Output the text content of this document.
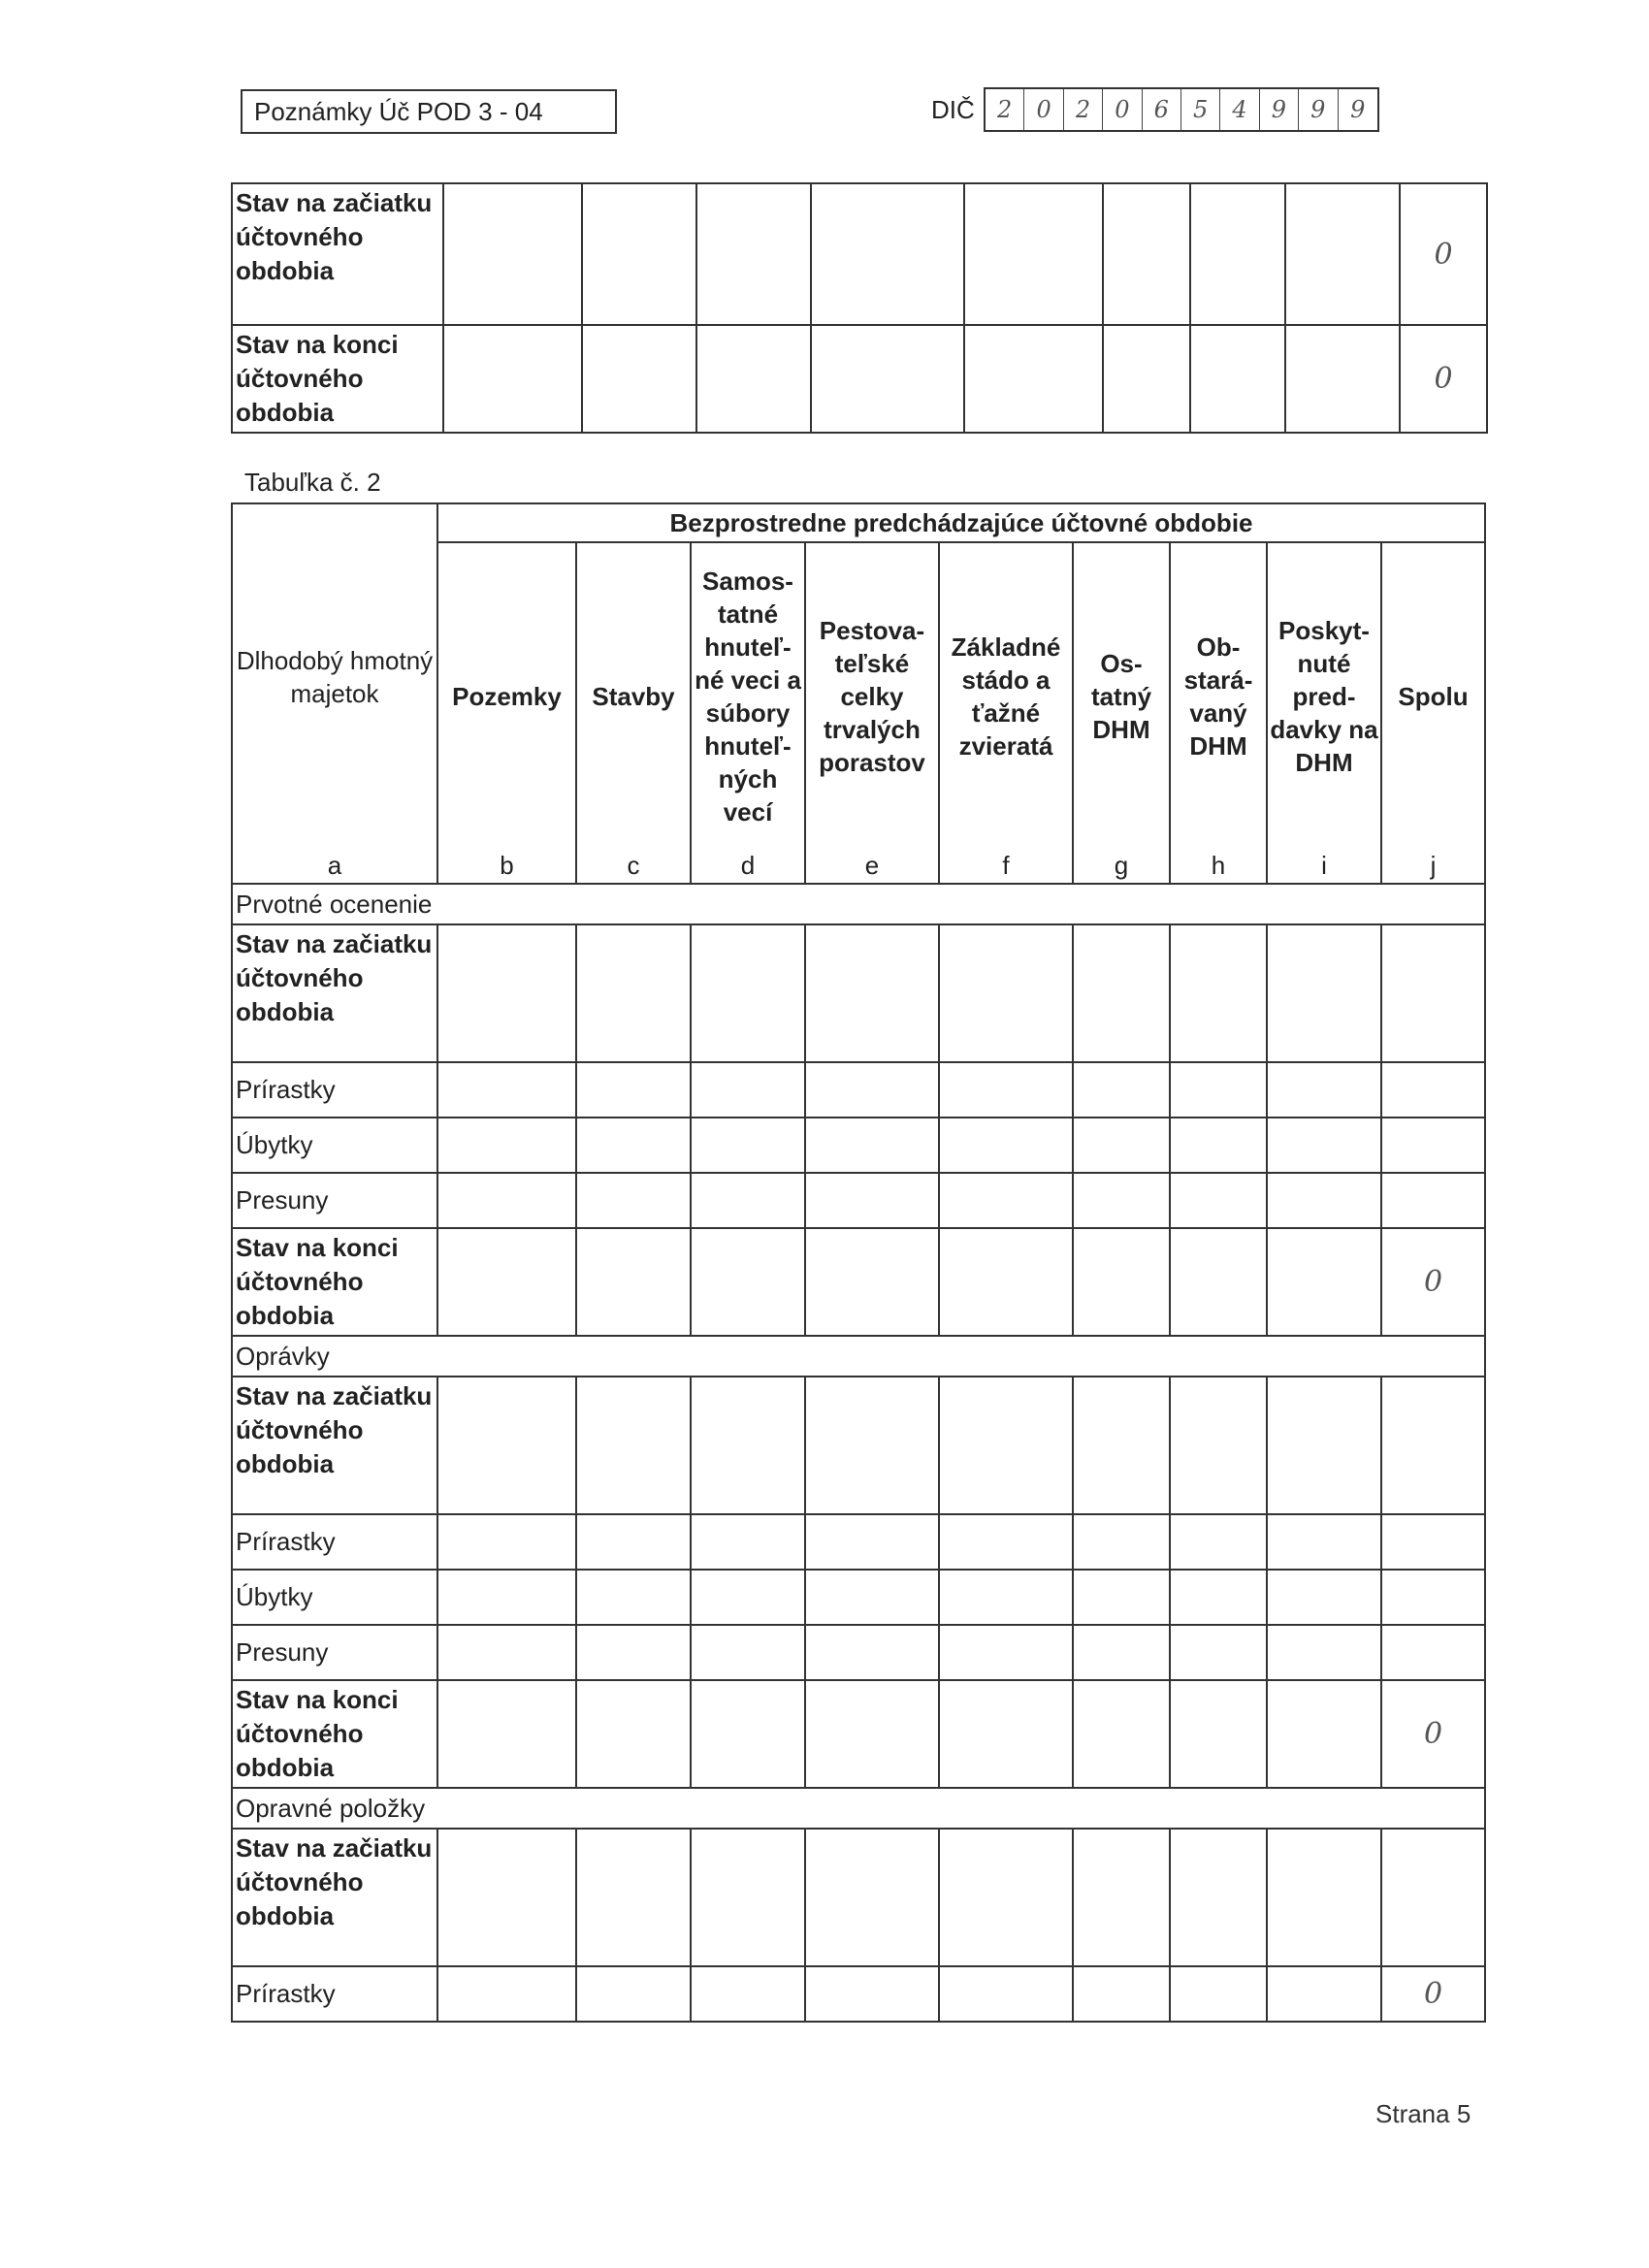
Poznámky Úč POD 3 - 04	DIČ 2	0	2	0	6	5	4	9	9	9
Stav na začiatku účtovného obdobia									0
Stav na konci účtovného obdobia									0
Tabuľka č. 2
Dlhodobý hmotný majetok	Bezprostredne predchádzajúce účtovné obdobie								
	Pozemky	Stavby	Samos-tatné hnuteľ-né veci a súbory hnuteľ-ných vecí	Pestova-teľské celky trvalých porastov	Základné stádo a ťažné zvieratá	Os-tatný DHM	Ob-stará-vaný DHM	Poskyt-nuté pred-davky na DHM	Spolu
a	b	c	d	e	f	g	h	i	j
Prvotné ocenenie									
Stav na začiatku účtovného obdobia									
Prírastky									
Úbytky									
Presuny									
Stav na konci účtovného obdobia									0
Oprávky									
Stav na začiatku účtovného obdobia									
Prírastky									
Úbytky									
Presuny									
Stav na konci účtovného obdobia									0
Opravné položky									
Stav na začiatku účtovného obdobia									
Prírastky									0
Strana 5
